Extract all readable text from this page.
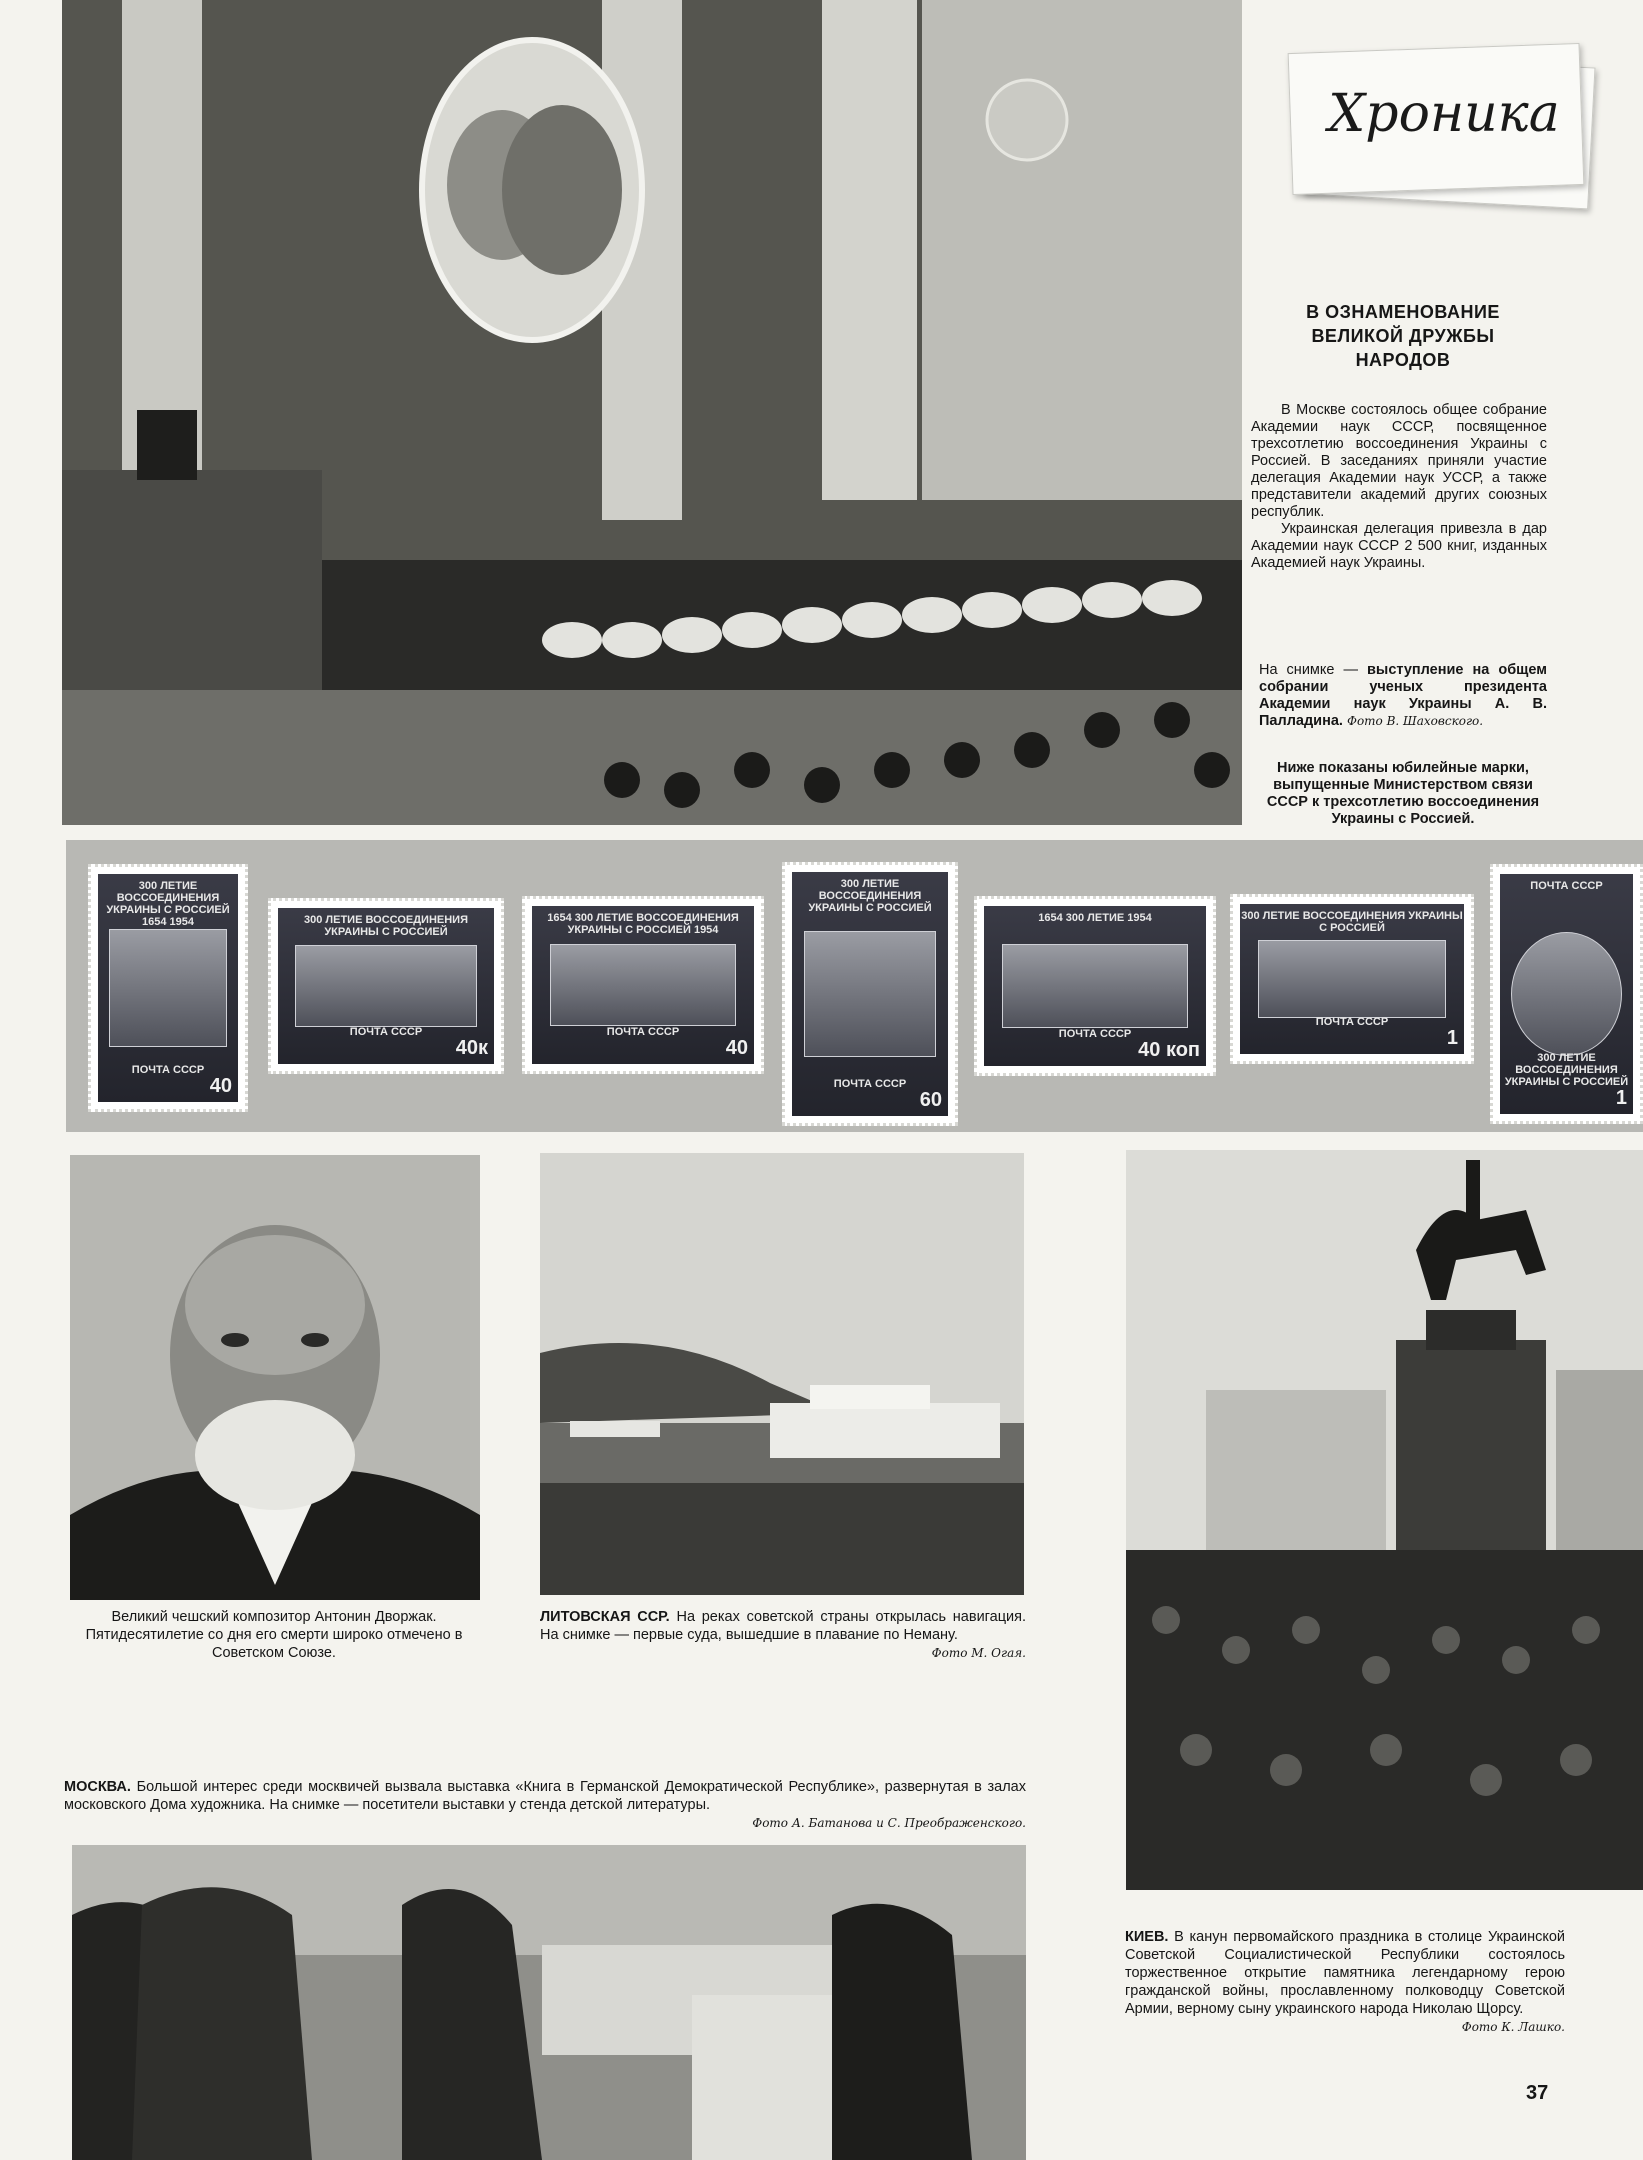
Хроника
В ОЗНАМЕНОВАНИЕ ВЕЛИКОЙ ДРУЖБЫ НАРОДОВ

В Москве состоялось общее собрание Академии наук СССР, посвященное трехсотлетию воссоединения Украины с Россией. В заседаниях приняли участие делегация Академии наук УССР, а также представители академий других союзных республик.

Украинская делегация привезла в дар Академии наук СССР 2 500 книг, изданных Академией наук Украины.

На снимке — выступление на общем собрании ученых президента Академии наук Украины А. В. Палладина. Фото В. Шаховского.
Ниже показаны юбилейные марки, выпущенные Министерством связи СССР к трехсотлетию воссоединения Украины с Россией.
300 ЛЕТИЕ ВОССОЕДИНЕНИЯ УКРАИНЫ С РОССИЕЙ 1654 1954
ПОЧТА СССР
40
300 ЛЕТИЕ ВОССОЕДИНЕНИЯ УКРАИНЫ С РОССИЕЙ
ПОЧТА СССР
40к
1654 300 ЛЕТИЕ ВОССОЕДИНЕНИЯ УКРАИНЫ С РОССИЕЙ 1954
ПОЧТА СССР
40
300 ЛЕТИЕ ВОССОЕДИНЕНИЯ УКРАИНЫ С РОССИЕЙ
ПОЧТА СССР
60
1654 300 ЛЕТИЕ 1954
ПОЧТА СССР
40 коп
300 ЛЕТИЕ ВОССОЕДИНЕНИЯ УКРАИНЫ С РОССИЕЙ
ПОЧТА СССР
1
ПОЧТА СССР
300 ЛЕТИЕ ВОССОЕДИНЕНИЯ УКРАИНЫ С РОССИЕЙ
1
Великий чешский композитор Антонин Дворжак. Пятидесятилетие со дня его смерти широко отмечено в Советском Союзе.
ЛИТОВСКАЯ ССР. На реках советской страны открылась навигация. На снимке — первые суда, вышедшие в плавание по Неману.
Фото М. Огая.
МОСКВА. Большой интерес среди москвичей вызвала выставка «Книга в Германской Демократической Республике», развернутая в залах московского Дома художника. На снимке — посетители выставки у стенда детской литературы.
Фото А. Батанова и С. Преображенского.
КИЕВ. В канун первомайского праздника в столице Украинской Советской Социалистической Республики состоялось торжественное открытие памятника легендарному герою гражданской войны, прославленному полководцу Советской Армии, верному сыну украинского народа Николаю Щорсу.
Фото К. Лашко.
37
